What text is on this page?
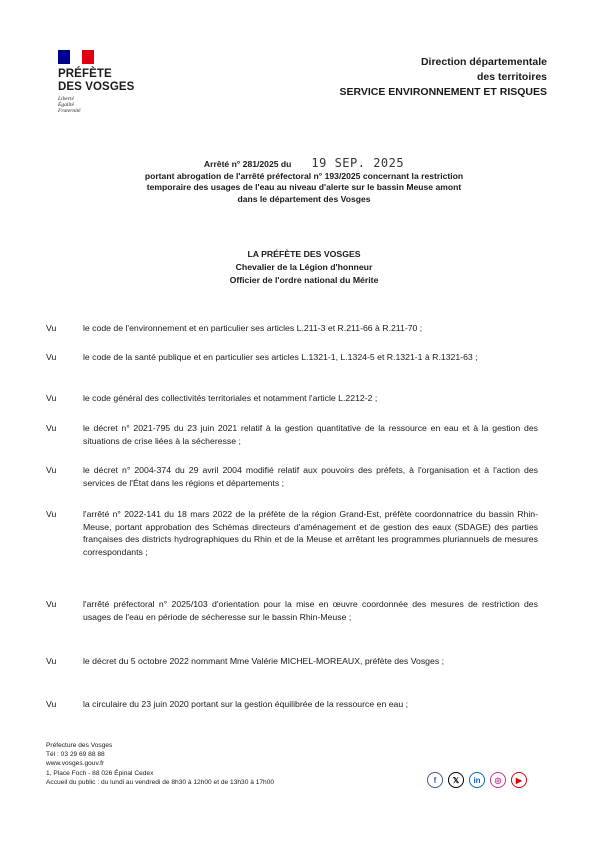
PRÉFÈTE
DES VOSGES
Liberté
Égalité
Fraternité
Direction départementale
des territoires
SERVICE ENVIRONNEMENT ET RISQUES
Arrêté n° 281/2025 du 19 SEP. 2025
portant abrogation de l'arrêté préfectoral n° 193/2025 concernant la restriction
temporaire des usages de l'eau au niveau d'alerte sur le bassin Meuse amont
dans le département des Vosges
LA PRÉFÈTE DES VOSGES
Chevalier de la Légion d'honneur
Officier de l'ordre national du Mérite
Vu	le code de l'environnement et en particulier ses articles L.211-3 et R.211-66 à R.211-70 ;
Vu	le code de la santé publique et en particulier ses articles L.1321-1, L.1324-5 et R.1321-1 à R.1321-63 ;
Vu	le code général des collectivités territoriales et notamment l'article L.2212-2 ;
Vu	le décret n° 2021-795 du 23 juin 2021 relatif à la gestion quantitative de la ressource en eau et à la gestion des situations de crise liées à la sécheresse ;
Vu	le décret n° 2004-374 du 29 avril 2004 modifié relatif aux pouvoirs des préfets, à l'organisation et à l'action des services de l'État dans les régions et départements ;
Vu	l'arrêté n° 2022-141 du 18 mars 2022 de la préfète de la région Grand-Est, préfète coordonnatrice du bassin Rhin-Meuse, portant approbation des Schémas directeurs d'aménagement et de gestion des eaux (SDAGE) des parties françaises des districts hydrographiques du Rhin et de la Meuse et arrêtant les programmes pluriannuels de mesures correspondants ;
Vu	l'arrêté préfectoral n° 2025/103 d'orientation pour la mise en œuvre coordonnée des mesures de restriction des usages de l'eau en période de sécheresse sur le bassin Rhin-Meuse ;
Vu	le décret du 5 octobre 2022 nommant Mme Valérie MICHEL-MOREAUX, préfète des Vosges ;
Vu	la circulaire du 23 juin 2020 portant sur la gestion équilibrée de la ressource en eau ;
Préfecture des Vosges
Tél : 03 29 69 88 88
www.vosges.gouv.fr
1, Place Foch - 88 026 Épinal Cedex
Accueil du public : du lundi au vendredi de 8h30 à 12h00 et de 13h30 à 17h00	f	𝕏	in	◎	▶
